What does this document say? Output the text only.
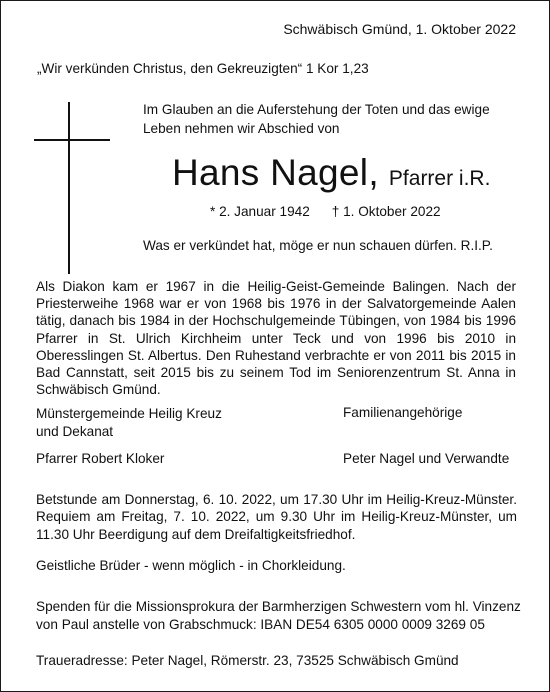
Schwäbisch Gmünd, 1. Oktober 2022
„Wir verkünden Christus, den Gekreuzigten“ 1 Kor 1,23
Im Glauben an die Auferstehung der Toten und das ewige
Leben nehmen wir Abschied von
Hans Nagel, Pfarrer i.R.
* 2. Januar 1942 † 1. Oktober 2022
Was er verkündet hat, möge er nun schauen dürfen. R.I.P.

Als Diakon kam er 1967 in die Heilig-Geist-Gemeinde Balingen. Nach der Priesterweihe 1968 war er von 1968 bis 1976 in der Salvatorgemeinde Aalen tätig, danach bis 1984 in der Hochschulgemeinde Tübingen, von 1984 bis 1996 Pfarrer in St. Ulrich Kirchheim unter Teck und von 1996 bis 2010 in Oberesslingen St. Albertus. Den Ruhestand verbrachte er von 2011 bis 2015 in Bad Cannstatt, seit 2015 bis zu seinem Tod im Seniorenzentrum St. Anna in Schwäbisch Gmünd.

Münstergemeinde Heilig Kreuz
und Dekanat
Familienangehörige
Pfarrer Robert Kloker	Peter Nagel und Verwandte

Betstunde am Donnerstag, 6. 10. 2022, um 17.30 Uhr im Heilig-Kreuz-Münster. Requiem am Freitag, 7. 10. 2022, um 9.30 Uhr im Heilig-Kreuz-Münster, um 11.30 Uhr Beerdigung auf dem Dreifaltigkeitsfriedhof.

Geistliche Brüder - wenn möglich - in Chorkleidung.
Spenden für die Missionsprokura der Barmherzigen Schwestern vom hl. Vinzenz
von Paul anstelle von Grabschmuck: IBAN DE54 6305 0000 0009 3269 05
Traueradresse: Peter Nagel, Römerstr. 23, 73525 Schwäbisch Gmünd
